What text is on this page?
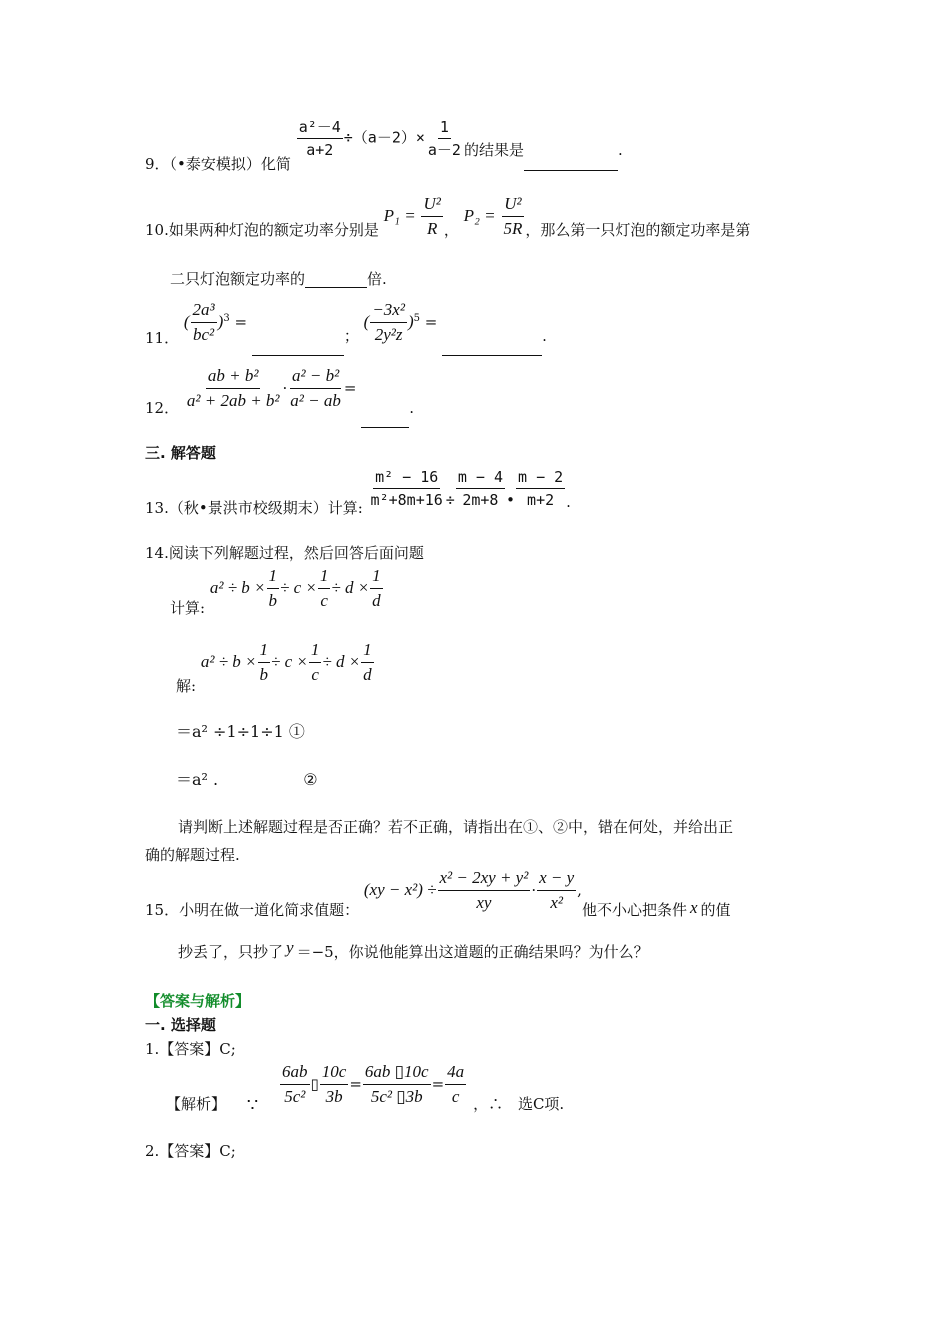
9．（•泰安模拟）化简
$\frac{\text{a²－4}}{a+2} \div(a-2)\times \frac{1}{a-2}$ 的结果是	.
10.如果两种灯泡的额定功率分别是 $P_1 = \frac{\text{U²}}{R}$ ， $P_2 = \frac{\text{U²}}{5R}$ ，那么第一只灯泡的额定功率是第
二只灯泡额定功率的	倍.
11． ( $\frac{\text{2a³}}{\text{bc²}} )^3$ = ； ( $\frac{\text{−3x²}}{\text{2y²z}} )^5$ = .
12． $\frac{\text{ab + b²}}{\text{a² + 2ab + b²}} \cdot \frac{\text{a² − b²}}{\text{a² − ab}}$ = .
三. 解答题
13.（秋•景洪市校级期末）计算: $\frac{\text{m² − 16}}{\text{m²+8m+16}} \div \frac{m - 4}{2m+8}$ • $\frac{m - 2}{m+2}$ .
14.阅读下列解题过程，然后回答后面问题
计算: $a^2 \div b \times \frac{1}{b} \div c \times \frac{1}{c} \div d \times \frac{1}{d}$
解: $a^2 \div b \times \frac{1}{b} \div c \times \frac{1}{c} \div d \times \frac{1}{d}$
＝a² ÷1÷1÷1 ①
＝a² .	②
请判断上述解题过程是否正确？若不正确，请指出在①、②中，错在何处，并给出正
确的解题过程.
15．小明在做一道化简求值题： $(xy - x^2) \div \frac{\text{x² − 2xy + y²}}{xy} \cdot \frac{x - y}{\text{x²}}$ ,他不小心把条件 x 的值
抄丢了，只抄了 y ＝−5，你说他能算出这道题的正确结果吗？为什么？
【答案与解析】
一. 选择题
1.【答案】C;
【解析】 ∵ $\frac{6ab}{\text{5c²}}$ ▯ $\frac{10c}{3b} = \frac{6ab ▯10c}{\text{5c² ▯3b}} = \frac{4a}{c}$ ，∴ 选C项.
2.【答案】C;
